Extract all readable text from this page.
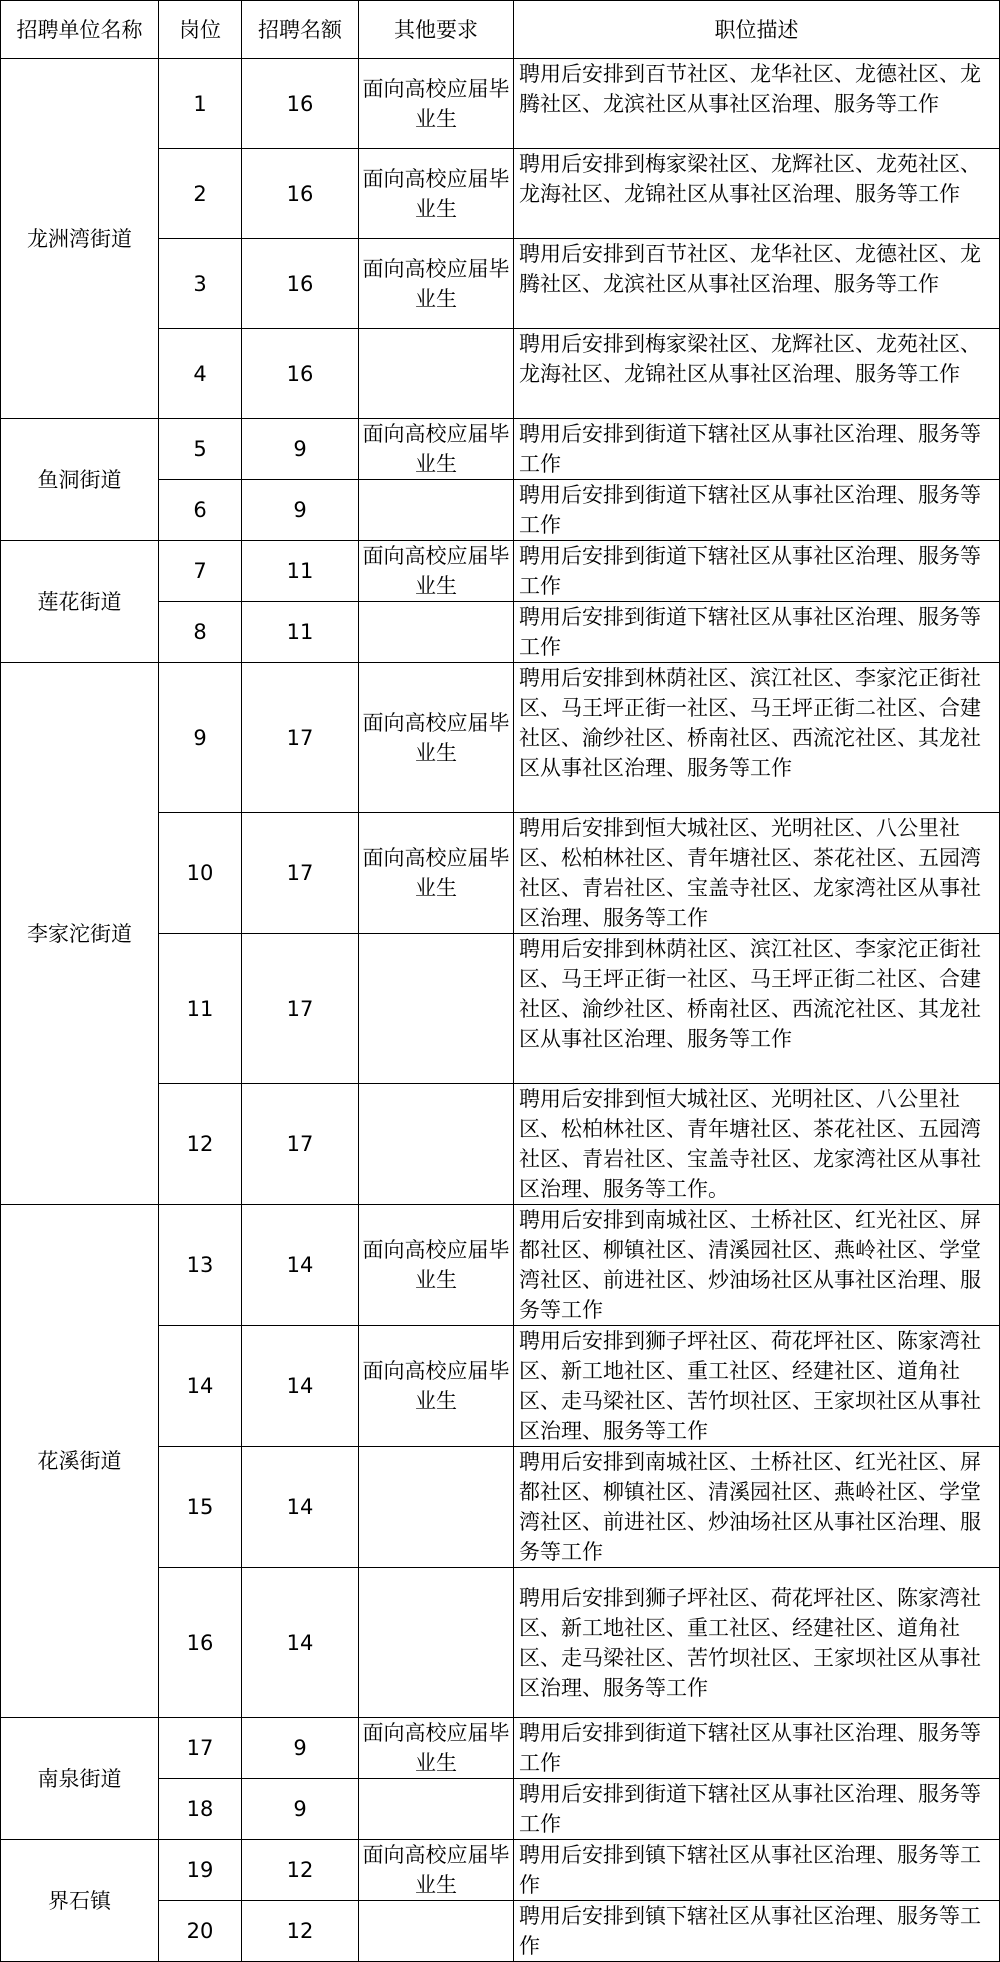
招聘单位名称	岗位	招聘名额	其他要求	职位描述
龙洲湾街道	1	16	面向高校应届毕业生	聘用后安排到百节社区、龙华社区、龙德社区、龙腾社区、龙滨社区从事社区治理、服务等工作
	2	16	面向高校应届毕业生	聘用后安排到梅家梁社区、龙辉社区、龙苑社区、龙海社区、龙锦社区从事社区治理、服务等工作
	3	16	面向高校应届毕业生	聘用后安排到百节社区、龙华社区、龙德社区、龙腾社区、龙滨社区从事社区治理、服务等工作
	4	16		聘用后安排到梅家梁社区、龙辉社区、龙苑社区、龙海社区、龙锦社区从事社区治理、服务等工作
鱼洞街道	5	9	面向高校应届毕业生	聘用后安排到街道下辖社区从事社区治理、服务等工作
	6	9		聘用后安排到街道下辖社区从事社区治理、服务等工作
莲花街道	7	11	面向高校应届毕业生	聘用后安排到街道下辖社区从事社区治理、服务等工作
	8	11		聘用后安排到街道下辖社区从事社区治理、服务等工作
李家沱街道	9	17	面向高校应届毕业生	聘用后安排到林荫社区、滨江社区、李家沱正街社区、马王坪正街一社区、马王坪正街二社区、合建社区、渝纱社区、桥南社区、西流沱社区、其龙社区从事社区治理、服务等工作
	10	17	面向高校应届毕业生	聘用后安排到恒大城社区、光明社区、八公里社区、松柏林社区、青年塘社区、茶花社区、五园湾社区、青岩社区、宝盖寺社区、龙家湾社区从事社区治理、服务等工作
	11	17		聘用后安排到林荫社区、滨江社区、李家沱正街社区、马王坪正街一社区、马王坪正街二社区、合建社区、渝纱社区、桥南社区、西流沱社区、其龙社区从事社区治理、服务等工作
	12	17		聘用后安排到恒大城社区、光明社区、八公里社区、松柏林社区、青年塘社区、茶花社区、五园湾社区、青岩社区、宝盖寺社区、龙家湾社区从事社区治理、服务等工作。
花溪街道	13	14	面向高校应届毕业生	聘用后安排到南城社区、土桥社区、红光社区、屏都社区、柳镇社区、清溪园社区、燕岭社区、学堂湾社区、前进社区、炒油场社区从事社区治理、服务等工作
	14	14	面向高校应届毕业生	聘用后安排到狮子坪社区、荷花坪社区、陈家湾社区、新工地社区、重工社区、经建社区、道角社区、走马梁社区、苦竹坝社区、王家坝社区从事社区治理、服务等工作
	15	14		聘用后安排到南城社区、土桥社区、红光社区、屏都社区、柳镇社区、清溪园社区、燕岭社区、学堂湾社区、前进社区、炒油场社区从事社区治理、服务等工作
	16	14		聘用后安排到狮子坪社区、荷花坪社区、陈家湾社区、新工地社区、重工社区、经建社区、道角社区、走马梁社区、苦竹坝社区、王家坝社区从事社区治理、服务等工作
南泉街道	17	9	面向高校应届毕业生	聘用后安排到街道下辖社区从事社区治理、服务等工作
	18	9		聘用后安排到街道下辖社区从事社区治理、服务等工作
界石镇	19	12	面向高校应届毕业生	聘用后安排到镇下辖社区从事社区治理、服务等工作
	20	12		聘用后安排到镇下辖社区从事社区治理、服务等工作
